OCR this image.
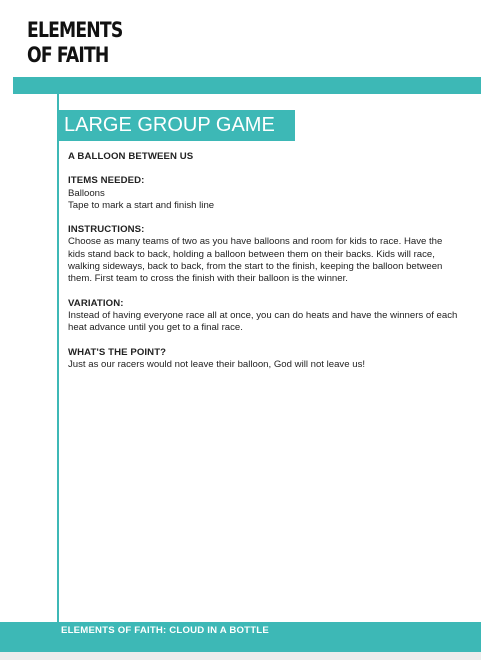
ELEMENTS
OF FAITH
LARGE GROUP GAME

A BALLOON BETWEEN US

ITEMS NEEDED:

Balloons

Tape to mark a start and finish line

INSTRUCTIONS:

Choose as many teams of two as you have balloons and room for kids to race. Have the kids stand back to back, holding a balloon between them on their backs. Kids will race, walking sideways, back to back, from the start to the finish, keeping the balloon between them. First team to cross the finish with their balloon is the winner.

VARIATION:

Instead of having everyone race all at once, you can do heats and have the winners of each heat advance until you get to a final race.

WHAT'S THE POINT?

Just as our racers would not leave their balloon, God will not leave us!

ELEMENTS OF FAITH: CLOUD IN A BOTTLE
